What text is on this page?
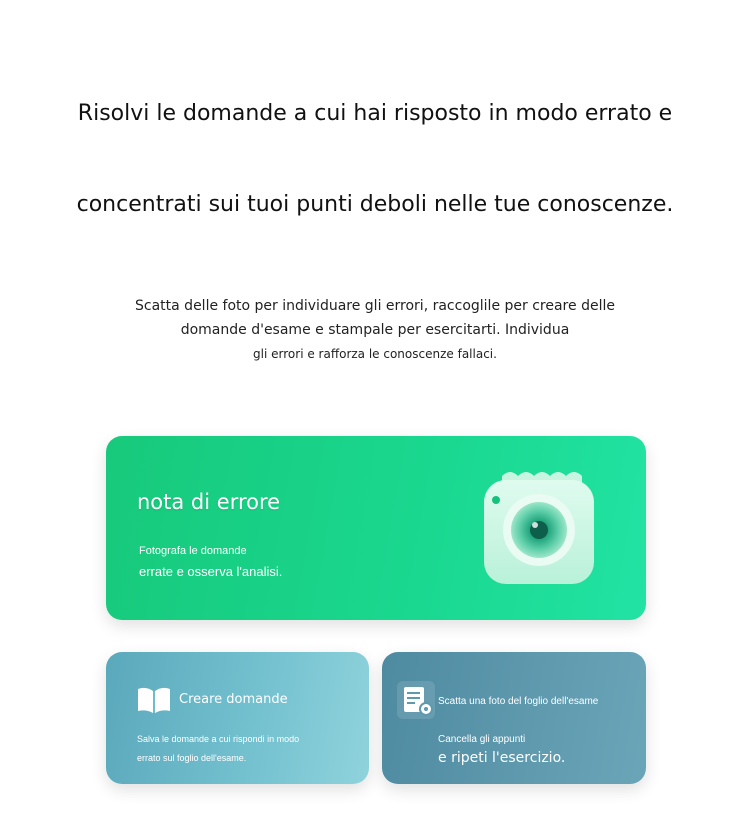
Risolvi le domande a cui hai risposto in modo errato e
concentrati sui tuoi punti deboli nelle tue conoscenze.
Scatta delle foto per individuare gli errori, raccoglile per creare delle
domande d'esame e stampale per esercitarti. Individua
gli errori e rafforza le conoscenze fallaci.
nota di errore
Fotografa le domande
errate e osserva l'analisi.
Creare domande
Salva le domande a cui rispondi in modo
errato sul foglio dell'esame.
Scatta una foto del foglio dell'esame
Cancella gli appunti
e ripeti l'esercizio.
